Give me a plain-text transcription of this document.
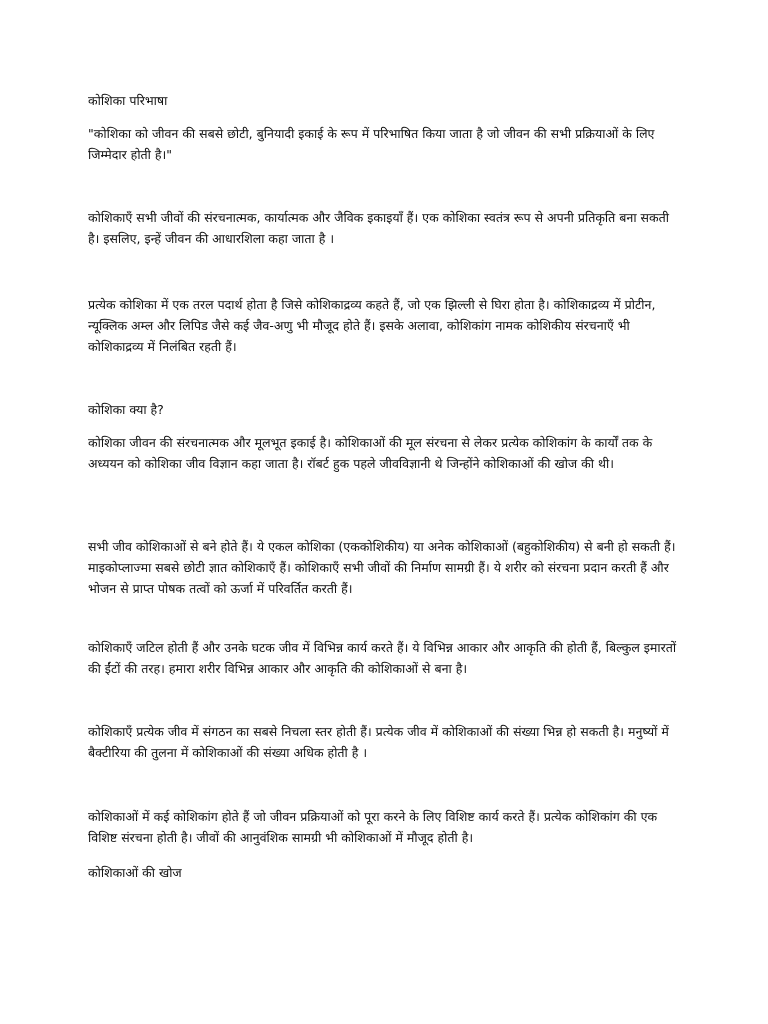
कोशिका परिभाषा

"कोशिका को जीवन की सबसे छोटी, बुनियादी इकाई के रूप में परिभाषित किया जाता है जो जीवन की सभी प्रक्रियाओं के लिए जिम्मेदार होती है।"

कोशिकाएँ सभी जीवों की संरचनात्मक, कार्यात्मक और जैविक इकाइयाँ हैं। एक कोशिका स्वतंत्र रूप से अपनी प्रतिकृति बना सकती है। इसलिए, इन्हें जीवन की आधारशिला कहा जाता है ।

प्रत्येक कोशिका में एक तरल पदार्थ होता है जिसे कोशिकाद्रव्य कहते हैं, जो एक झिल्ली से घिरा होता है। कोशिकाद्रव्य में प्रोटीन, न्यूक्लिक अम्ल और लिपिड जैसे कई जैव-अणु भी मौजूद होते हैं। इसके अलावा, कोशिकांग नामक कोशिकीय संरचनाएँ भी कोशिकाद्रव्य में निलंबित रहती हैं।

कोशिका क्या है?

कोशिका जीवन की संरचनात्मक और मूलभूत इकाई है। कोशिकाओं की मूल संरचना से लेकर प्रत्येक कोशिकांग के कार्यों तक के अध्ययन को कोशिका जीव विज्ञान कहा जाता है। रॉबर्ट हुक पहले जीवविज्ञानी थे जिन्होंने कोशिकाओं की खोज की थी।

सभी जीव कोशिकाओं से बने होते हैं। ये एकल कोशिका (एककोशिकीय) या अनेक कोशिकाओं (बहुकोशिकीय) से बनी हो सकती हैं। माइकोप्लाज्मा सबसे छोटी ज्ञात कोशिकाएँ हैं। कोशिकाएँ सभी जीवों की निर्माण सामग्री हैं। ये शरीर को संरचना प्रदान करती हैं और भोजन से प्राप्त पोषक तत्वों को ऊर्जा में परिवर्तित करती हैं।

कोशिकाएँ जटिल होती हैं और उनके घटक जीव में विभिन्न कार्य करते हैं। ये विभिन्न आकार और आकृति की होती हैं, बिल्कुल इमारतों की ईंटों की तरह। हमारा शरीर विभिन्न आकार और आकृति की कोशिकाओं से बना है।

कोशिकाएँ प्रत्येक जीव में संगठन का सबसे निचला स्तर होती हैं। प्रत्येक जीव में कोशिकाओं की संख्या भिन्न हो सकती है। मनुष्यों में बैक्टीरिया की तुलना में कोशिकाओं की संख्या अधिक होती है ।

कोशिकाओं में कई कोशिकांग होते हैं जो जीवन प्रक्रियाओं को पूरा करने के लिए विशिष्ट कार्य करते हैं। प्रत्येक कोशिकांग की एक विशिष्ट संरचना होती है। जीवों की आनुवंशिक सामग्री भी कोशिकाओं में मौजूद होती है।

कोशिकाओं की खोज
